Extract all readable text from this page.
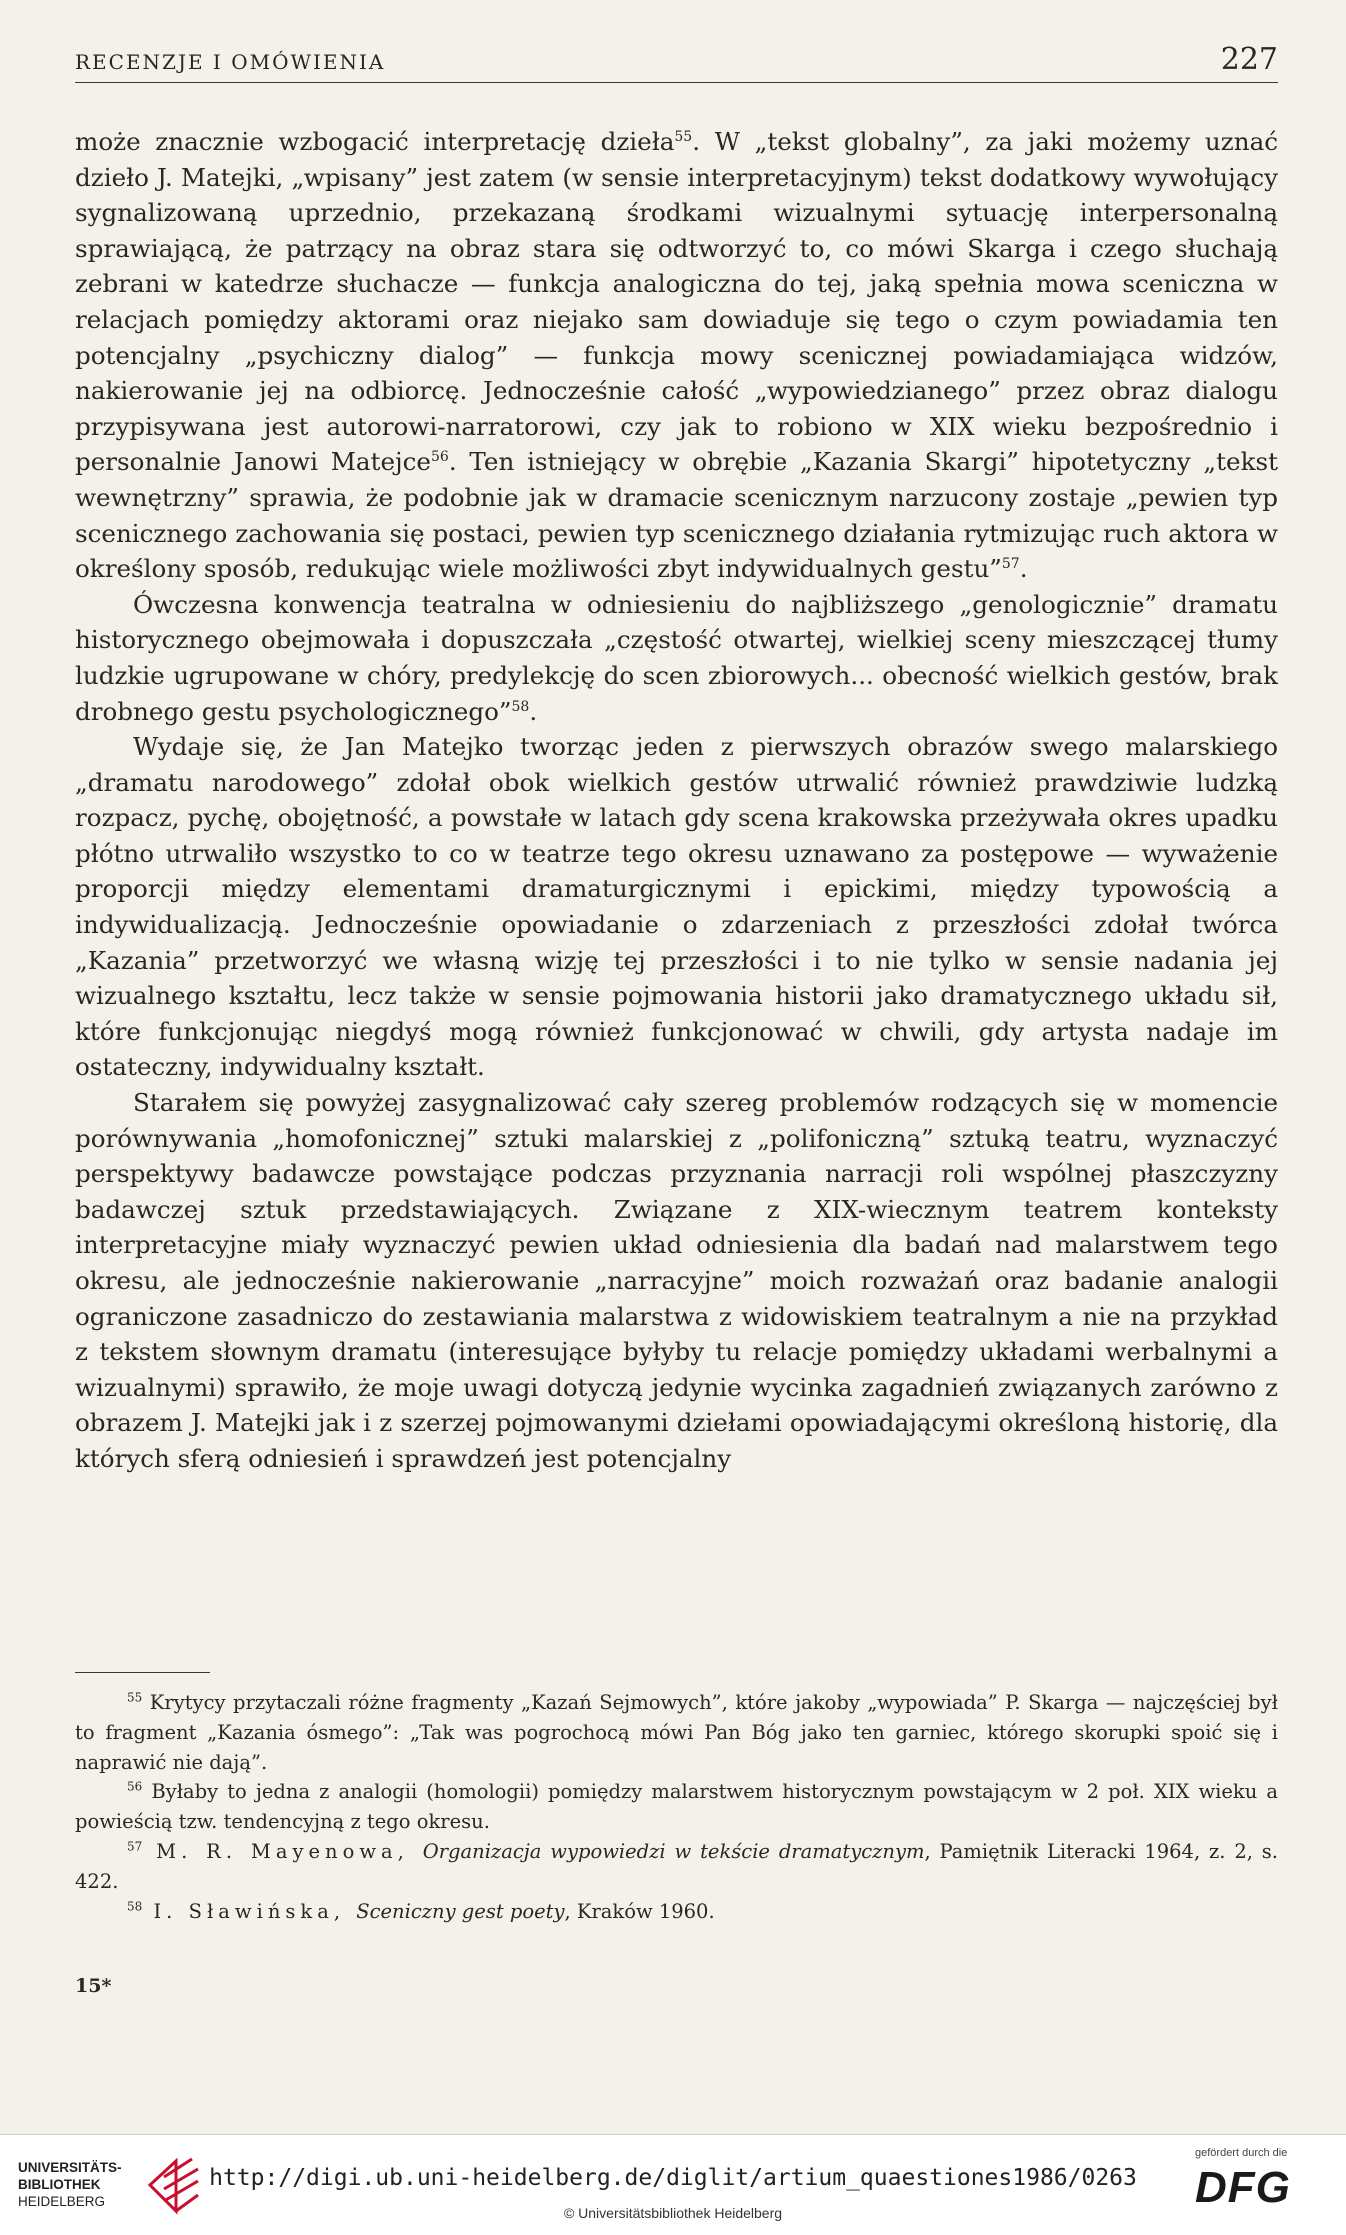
RECENZJE I OMÓWIENIA	227

może znacznie wzbogacić interpretację dzieła$^{55}$. W „tekst globalny”, za jaki możemy uznać dzieło J. Matejki, „wpisany” jest zatem (w sensie interpretacyjnym) tekst dodatkowy wywołujący sygnalizowaną uprzednio, przekazaną środkami wizualnymi sytuację interpersonalną sprawiającą, że patrzący na obraz stara się odtworzyć to, co mówi Skarga i czego słuchają zebrani w katedrze słuchacze — funkcja analogiczna do tej, jaką spełnia mowa sceniczna w relacjach pomiędzy aktorami oraz niejako sam dowiaduje się tego o czym powiadamia ten potencjalny „psychiczny dialog” — funkcja mowy scenicznej powiadamiająca widzów, nakierowanie jej na odbiorcę. Jednocześnie całość „wypowiedzianego” przez obraz dialogu przypisywana jest autorowi-narratorowi, czy jak to robiono w XIX wieku bezpośrednio i personalnie Janowi Matejce$^{56}$. Ten istniejący w obrębie „Kazania Skargi” hipotetyczny „tekst wewnętrzny” sprawia, że podobnie jak w dramacie scenicznym narzucony zostaje „pewien typ scenicznego zachowania się postaci, pewien typ scenicznego działania rytmizując ruch aktora w określony sposób, redukując wiele możliwości zbyt indywidualnych gestu”$^{57}$.

Ówczesna konwencja teatralna w odniesieniu do najbliższego „genologicznie” dramatu historycznego obejmowała i dopuszczała „częstość otwartej, wielkiej sceny mieszczącej tłumy ludzkie ugrupowane w chóry, predylekcję do scen zbiorowych... obecność wielkich gestów, brak drobnego gestu psychologicznego”$^{58}$.

Wydaje się, że Jan Matejko tworząc jeden z pierwszych obrazów swego malarskiego „dramatu narodowego” zdołał obok wielkich gestów utrwalić również prawdziwie ludzką rozpacz, pychę, obojętność, a powstałe w latach gdy scena krakowska przeżywała okres upadku płótno utrwaliło wszystko to co w teatrze tego okresu uznawano za postępowe — wyważenie proporcji między elementami dramaturgicznymi i epickimi, między typowością a indywidualizacją. Jednocześnie opowiadanie o zdarzeniach z przeszłości zdołał twórca „Kazania” przetworzyć we własną wizję tej przeszłości i to nie tylko w sensie nadania jej wizualnego kształtu, lecz także w sensie pojmowania historii jako dramatycznego układu sił, które funkcjonując niegdyś mogą również funkcjonować w chwili, gdy artysta nadaje im ostateczny, indywidualny kształt.

Starałem się powyżej zasygnalizować cały szereg problemów rodzących się w momencie porównywania „homofonicznej” sztuki malarskiej z „polifoniczną” sztuką teatru, wyznaczyć perspektywy badawcze powstające podczas przyznania narracji roli wspólnej płaszczyzny badawczej sztuk przedstawiających. Związane z XIX-wiecznym teatrem konteksty interpretacyjne miały wyznaczyć pewien układ odniesienia dla badań nad malarstwem tego okresu, ale jednocześnie nakierowanie „narracyjne” moich rozważań oraz badanie analogii ograniczone zasadniczo do zestawiania malarstwa z widowiskiem teatralnym a nie na przykład z tekstem słownym dramatu (interesujące byłyby tu relacje pomiędzy układami werbalnymi a wizualnymi) sprawiło, że moje uwagi dotyczą jedynie wycinka zagadnień związanych zarówno z obrazem J. Matejki jak i z szerzej pojmowanymi dziełami opowiadającymi określoną historię, dla których sferą odniesień i sprawdzeń jest potencjalny

$^{55}$ Krytycy przytaczali różne fragmenty „Kazań Sejmowych”, które jakoby „wypowiada” P. Skarga — najczęściej był to fragment „Kazania ósmego”: „Tak was pogrochocą mówi Pan Bóg jako ten garniec, którego skorupki spoić się i naprawić nie dają”.

$^{56}$ Byłaby to jedna z analogii (homologii) pomiędzy malarstwem historycznym powstającym w 2 poł. XIX wieku a powieścią tzw. tendencyjną z tego okresu.

$^{57}$ M. R. Mayenowa, Organizacja wypowiedzi w tekście dramatycznym, Pamiętnik Literacki 1964, z. 2, s. 422.

$^{58}$ I. Sławińska, Sceniczny gest poety, Kraków 1960.

15*
UNIVERSITÄTS-
BIBLIOTHEK
HEIDELBERG
http://digi.ub.uni-heidelberg.de/diglit/artium_quaestiones1986/0263
© Universitätsbibliothek Heidelberg
gefördert durch die
DFG
